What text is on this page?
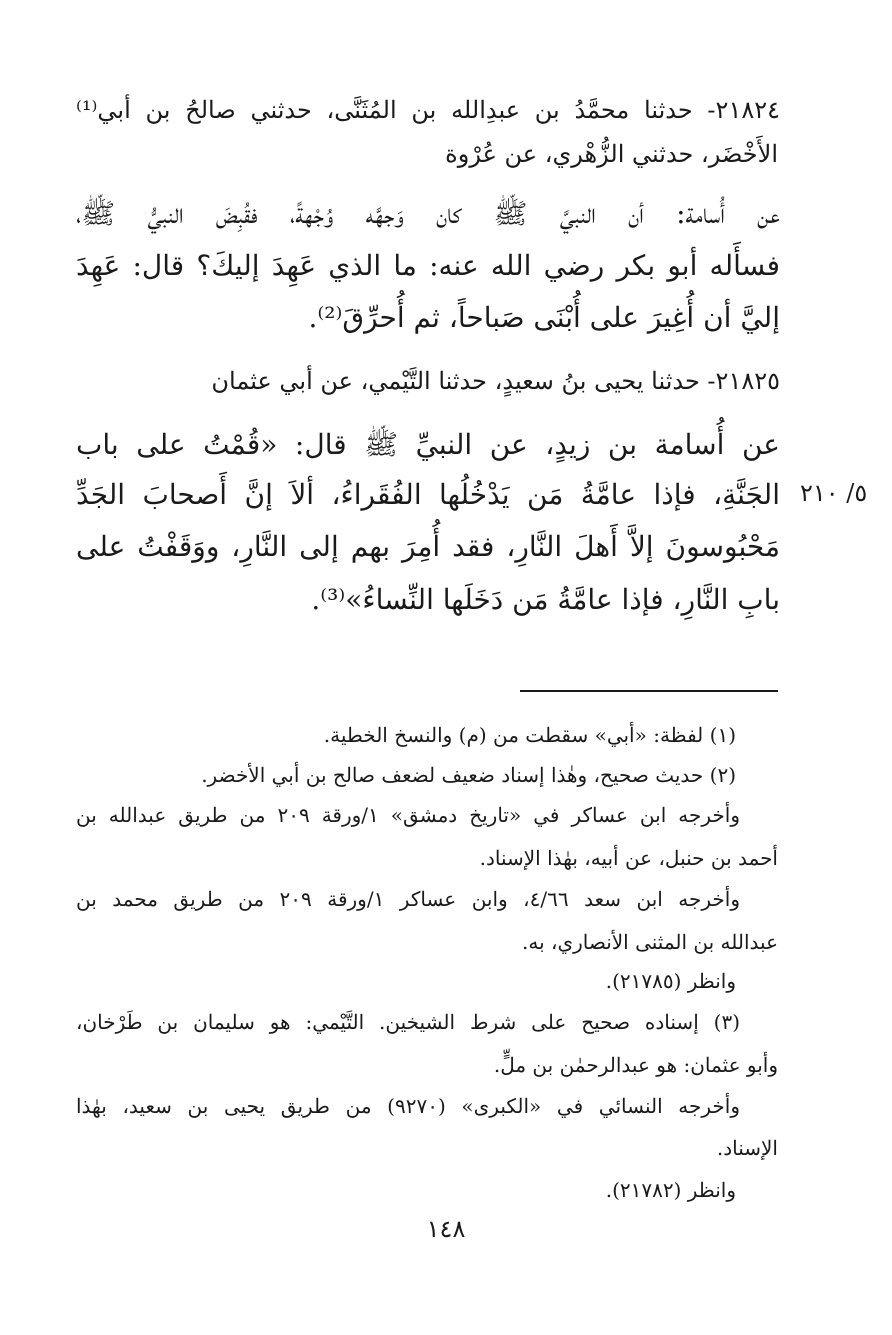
٢١٨٢٤- حدثنا محمَّدُ بن عبدِالله بن المُثَنَّى، حدثني صالحُ بن أبي⁽¹⁾
الأَخْضَر، حدثني الزُّهْري، عن عُرْوة
عن أُسامة: أن النبيَّ ﷺ كان وَجهَّه وُجْهةً، فقُبِضَ النبيُّ ﷺ،
فسأَله أبو بكر رضي الله عنه: ما الذي عَهِدَ إليكَ؟ قال: عَهِدَ
إليَّ أن أُغِيرَ على أُبْنَى صَباحاً، ثم أُحرِّقَ⁽²⁾.
٢١٨٢٥- حدثنا يحيى بنُ سعيدٍ، حدثنا التَّيْمي، عن أبي عثمان
عن أُسامة بن زيدٍ، عن النبيِّ ﷺ قال: «قُمْتُ على باب
الجَنَّةِ، فإذا عامَّةُ مَن يَدْخُلُها الفُقَراءُ، ألاَ إنَّ أَصحابَ الجَدِّ
مَحْبُوسونَ إلاَّ أَهلَ النَّارِ، فقد أُمِرَ بهم إلى النَّارِ، ووَقَفْتُ على
بابِ النَّارِ، فإذا عامَّةُ مَن دَخَلَها النِّساءُ»⁽³⁾.
٥/ ٢١٠
(١) لفظة: «أبي» سقطت من (م) والنسخ الخطية.
(٢) حديث صحيح، وهٰذا إسناد ضعيف لضعف صالح بن أبي الأخضر.
وأخرجه ابن عساكر في «تاريخ دمشق» ١/ورقة ٢٠٩ من طريق عبدالله بن
أحمد بن حنبل، عن أبيه، بهٰذا الإسناد.
وأخرجه ابن سعد ٤/٦٦، وابن عساكر ١/ورقة ٢٠٩ من طريق محمد بن
عبدالله بن المثنى الأنصاري، به.
وانظر (٢١٧٨٥).
(٣) إسناده صحيح على شرط الشيخين. التَّيْمي: هو سليمان بن طَرْخان،
وأبو عثمان: هو عبدالرحمٰن بن ملٍّ.
وأخرجه النسائي في «الكبرى» (٩٢٧٠) من طريق يحيى بن سعيد، بهٰذا
الإسناد.
وانظر (٢١٧٨٢).
١٤٨
